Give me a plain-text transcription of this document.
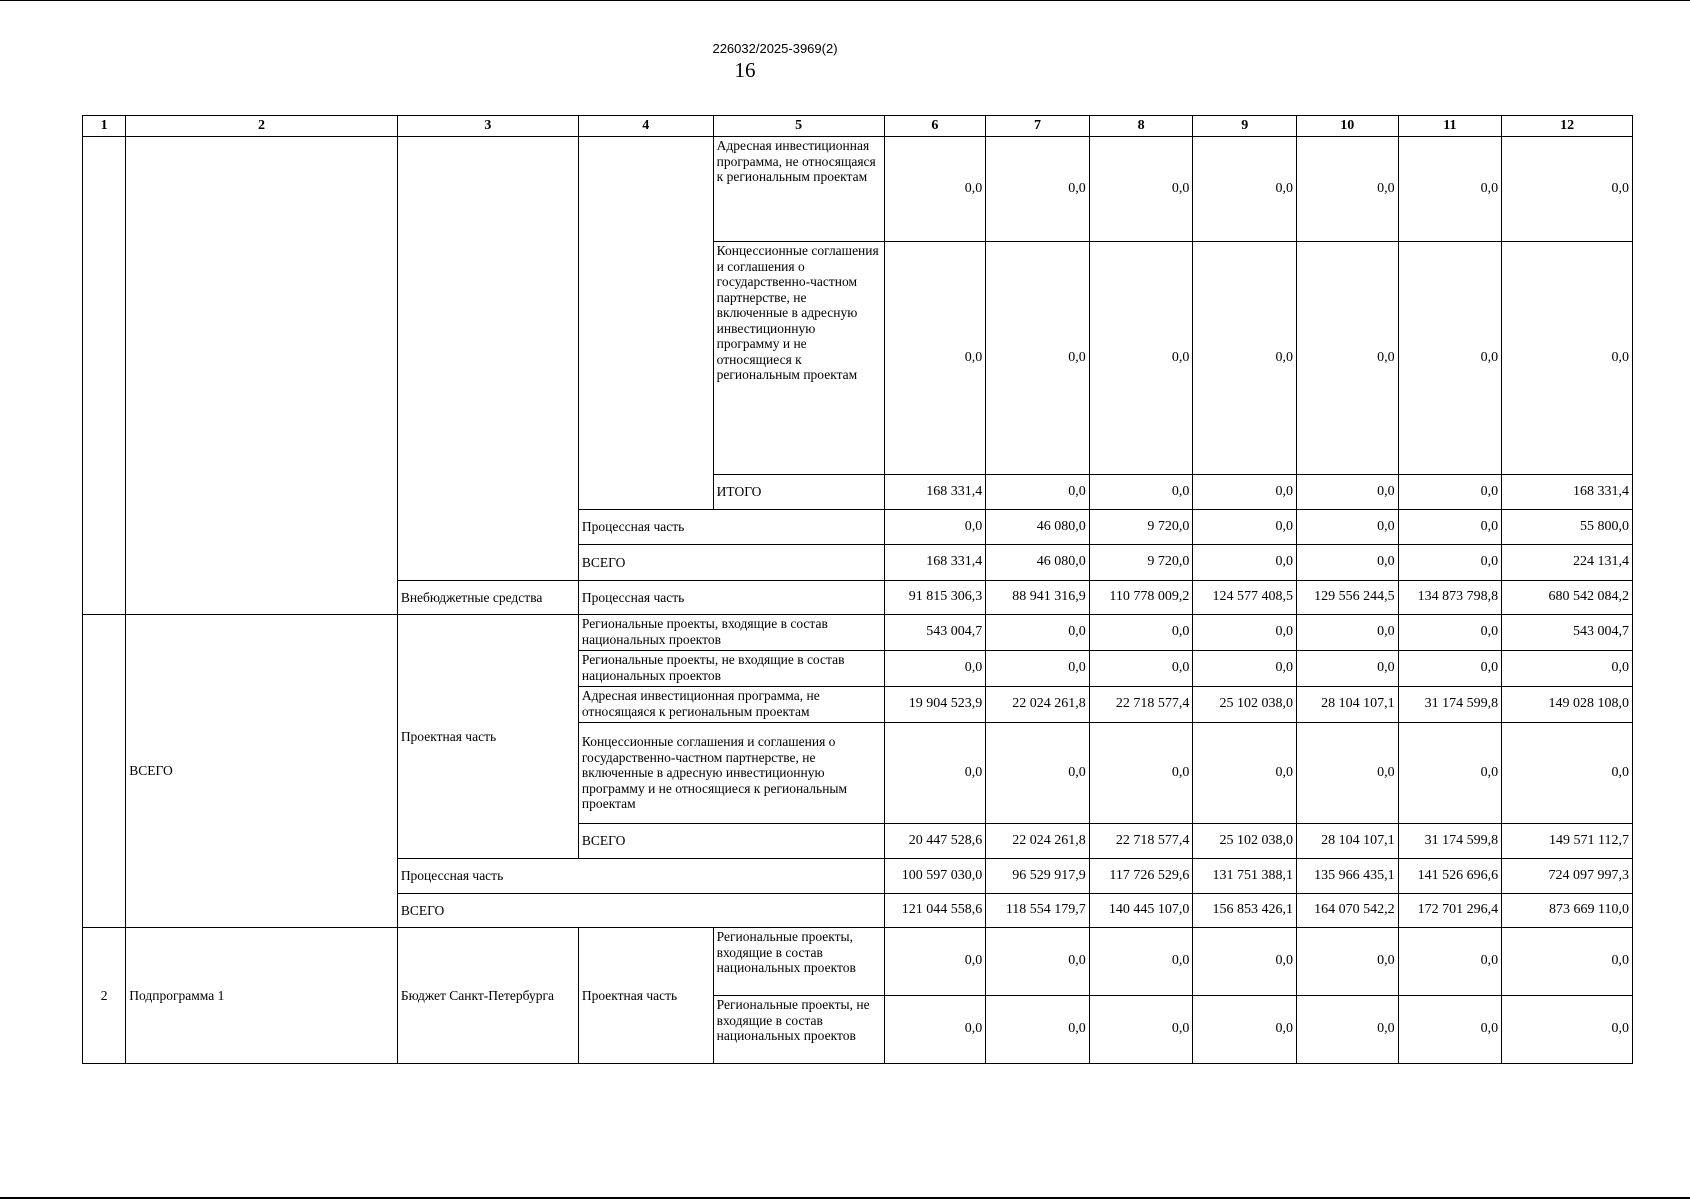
226032/2025-3969(2)
16
1	2	3	4	5	6	7	8	9	10	11	12
				Адресная инвестиционная программа, не относящаяся к региональным проектам	0,0	0,0	0,0	0,0	0,0	0,0	0,0
				Концессионные соглашения и соглашения о государственно-частном партнерстве, не включенные в адресную инвестиционную программу и не относящиеся к региональным проектам	0,0	0,0	0,0	0,0	0,0	0,0	0,0
				ИТОГО	168 331,4	0,0	0,0	0,0	0,0	0,0	168 331,4
			Процессная часть		0,0	46 080,0	9 720,0	0,0	0,0	0,0	55 800,0
			ВСЕГО		168 331,4	46 080,0	9 720,0	0,0	0,0	0,0	224 131,4
		Внебюджетные средства	Процессная часть		91 815 306,3	88 941 316,9	110 778 009,2	124 577 408,5	129 556 244,5	134 873 798,8	680 542 084,2
	ВСЕГО	Проектная часть	Региональные проекты, входящие в состав национальных проектов		543 004,7	0,0	0,0	0,0	0,0	0,0	543 004,7
			Региональные проекты, не входящие в состав национальных проектов		0,0	0,0	0,0	0,0	0,0	0,0	0,0
			Адресная инвестиционная программа, не относящаяся к региональным проектам		19 904 523,9	22 024 261,8	22 718 577,4	25 102 038,0	28 104 107,1	31 174 599,8	149 028 108,0
			Концессионные соглашения и соглашения о государственно-частном партнерстве, не включенные в адресную инвестиционную программу и не относящиеся к региональным проектам		0,0	0,0	0,0	0,0	0,0	0,0	0,0
			ВСЕГО		20 447 528,6	22 024 261,8	22 718 577,4	25 102 038,0	28 104 107,1	31 174 599,8	149 571 112,7
		Процессная часть			100 597 030,0	96 529 917,9	117 726 529,6	131 751 388,1	135 966 435,1	141 526 696,6	724 097 997,3
		ВСЕГО			121 044 558,6	118 554 179,7	140 445 107,0	156 853 426,1	164 070 542,2	172 701 296,4	873 669 110,0
2	Подпрограмма 1	Бюджет Санкт-Петербурга	Проектная часть	Региональные проекты, входящие в состав национальных проектов	0,0	0,0	0,0	0,0	0,0	0,0	0,0
				Региональные проекты, не входящие в состав национальных проектов	0,0	0,0	0,0	0,0	0,0	0,0	0,0
